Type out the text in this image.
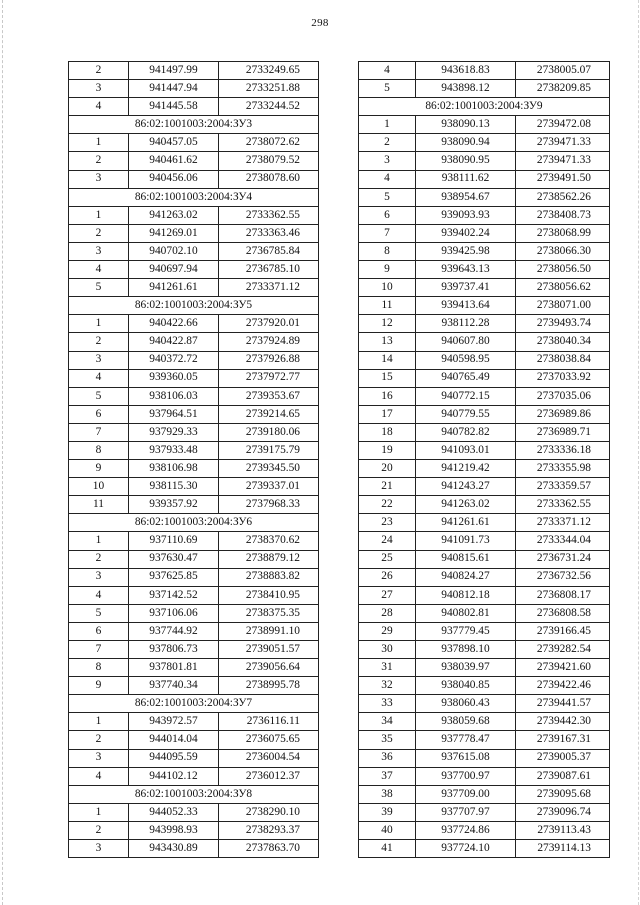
298
2	941497.99	2733249.65
3	941447.94	2733251.88
4	941445.58	2733244.52
86:02:1001003:2004:ЗУ3		
1	940457.05	2738072.62
2	940461.62	2738079.52
3	940456.06	2738078.60
86:02:1001003:2004:ЗУ4		
1	941263.02	2733362.55
2	941269.01	2733363.46
3	940702.10	2736785.84
4	940697.94	2736785.10
5	941261.61	2733371.12
86:02:1001003:2004:ЗУ5		
1	940422.66	2737920.01
2	940422.87	2737924.89
3	940372.72	2737926.88
4	939360.05	2737972.77
5	938106.03	2739353.67
6	937964.51	2739214.65
7	937929.33	2739180.06
8	937933.48	2739175.79
9	938106.98	2739345.50
10	938115.30	2739337.01
11	939357.92	2737968.33
86:02:1001003:2004:ЗУ6		
1	937110.69	2738370.62
2	937630.47	2738879.12
3	937625.85	2738883.82
4	937142.52	2738410.95
5	937106.06	2738375.35
6	937744.92	2738991.10
7	937806.73	2739051.57
8	937801.81	2739056.64
9	937740.34	2738995.78
86:02:1001003:2004:ЗУ7		
1	943972.57	2736116.11
2	944014.04	2736075.65
3	944095.59	2736004.54
4	944102.12	2736012.37
86:02:1001003:2004:ЗУ8		
1	944052.33	2738290.10
2	943998.93	2738293.37
3	943430.89	2737863.70
4	943618.83	2738005.07
5	943898.12	2738209.85
86:02:1001003:2004:ЗУ9		
1	938090.13	2739472.08
2	938090.94	2739471.33
3	938090.95	2739471.33
4	938111.62	2739491.50
5	938954.67	2738562.26
6	939093.93	2738408.73
7	939402.24	2738068.99
8	939425.98	2738066.30
9	939643.13	2738056.50
10	939737.41	2738056.62
11	939413.64	2738071.00
12	938112.28	2739493.74
13	940607.80	2738040.34
14	940598.95	2738038.84
15	940765.49	2737033.92
16	940772.15	2737035.06
17	940779.55	2736989.86
18	940782.82	2736989.71
19	941093.01	2733336.18
20	941219.42	2733355.98
21	941243.27	2733359.57
22	941263.02	2733362.55
23	941261.61	2733371.12
24	941091.73	2733344.04
25	940815.61	2736731.24
26	940824.27	2736732.56
27	940812.18	2736808.17
28	940802.81	2736808.58
29	937779.45	2739166.45
30	937898.10	2739282.54
31	938039.97	2739421.60
32	938040.85	2739422.46
33	938060.43	2739441.57
34	938059.68	2739442.30
35	937778.47	2739167.31
36	937615.08	2739005.37
37	937700.97	2739087.61
38	937709.00	2739095.68
39	937707.97	2739096.74
40	937724.86	2739113.43
41	937724.10	2739114.13
